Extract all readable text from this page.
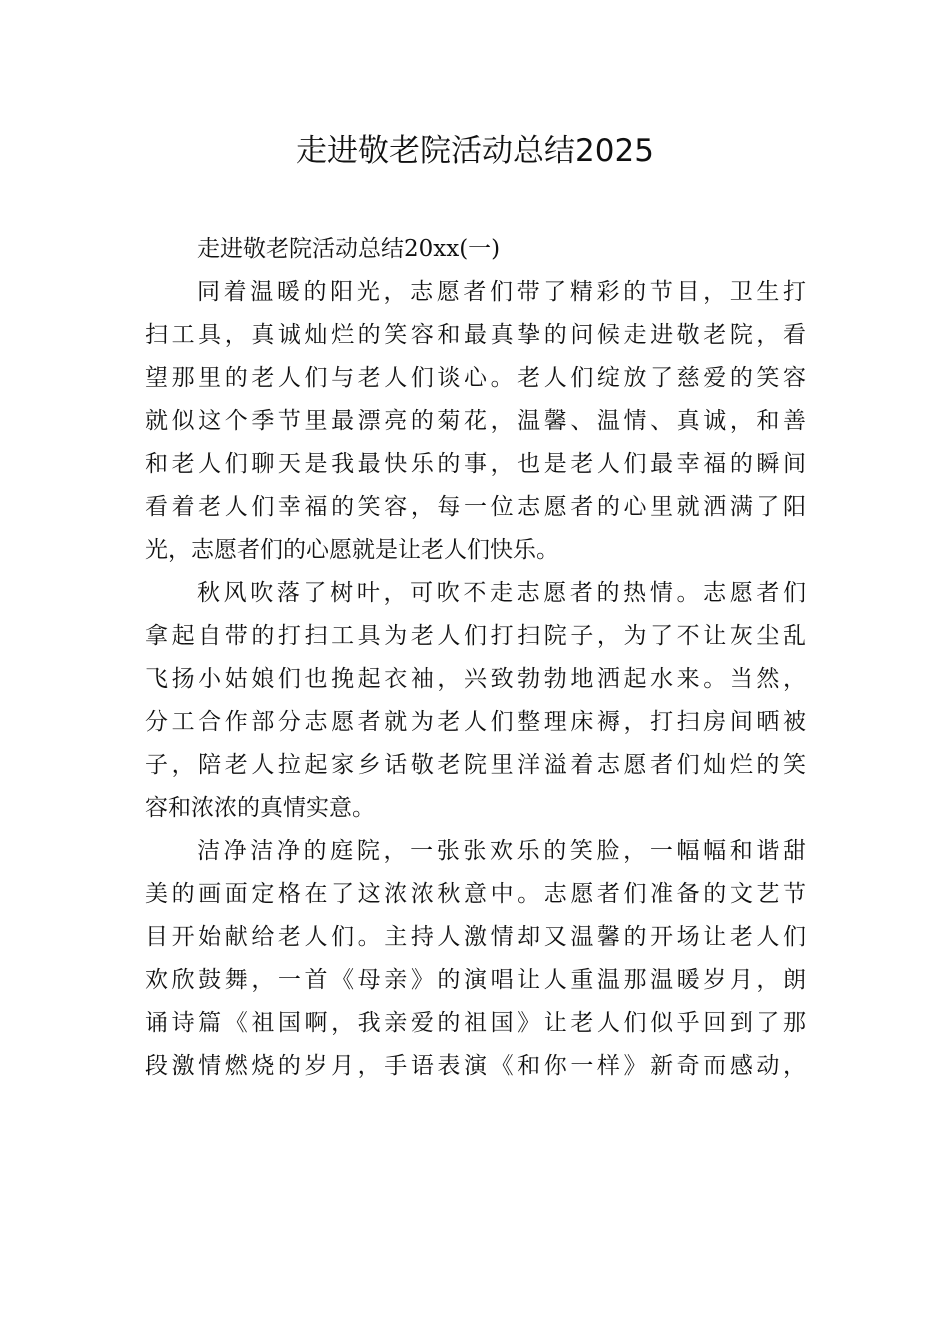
走进敬老院活动总结2025

走进敬老院活动总结20xx(一)

同着温暖的阳光，志愿者们带了精彩的节目，卫生打
扫工具，真诚灿烂的笑容和最真挚的问候走进敬老院，看
望那里的老人们与老人们谈心。老人们绽放了慈爱的笑容
就似这个季节里最漂亮的菊花，温馨、温情、真诚，和善
和老人们聊天是我最快乐的事，也是老人们最幸福的瞬间
看着老人们幸福的笑容，每一位志愿者的心里就洒满了阳
光，志愿者们的心愿就是让老人们快乐。

秋风吹落了树叶，可吹不走志愿者的热情。志愿者们
拿起自带的打扫工具为老人们打扫院子，为了不让灰尘乱
飞扬小姑娘们也挽起衣袖，兴致勃勃地洒起水来。当然，
分工合作部分志愿者就为老人们整理床褥，打扫房间晒被
子，陪老人拉起家乡话敬老院里洋溢着志愿者们灿烂的笑
容和浓浓的真情实意。

洁净洁净的庭院，一张张欢乐的笑脸，一幅幅和谐甜
美的画面定格在了这浓浓秋意中。志愿者们准备的文艺节
目开始献给老人们。主持人激情却又温馨的开场让老人们
欢欣鼓舞，一首《母亲》的演唱让人重温那温暖岁月，朗
诵诗篇《祖国啊，我亲爱的祖国》让老人们似乎回到了那
段激情燃烧的岁月，手语表演《和你一样》新奇而感动，
